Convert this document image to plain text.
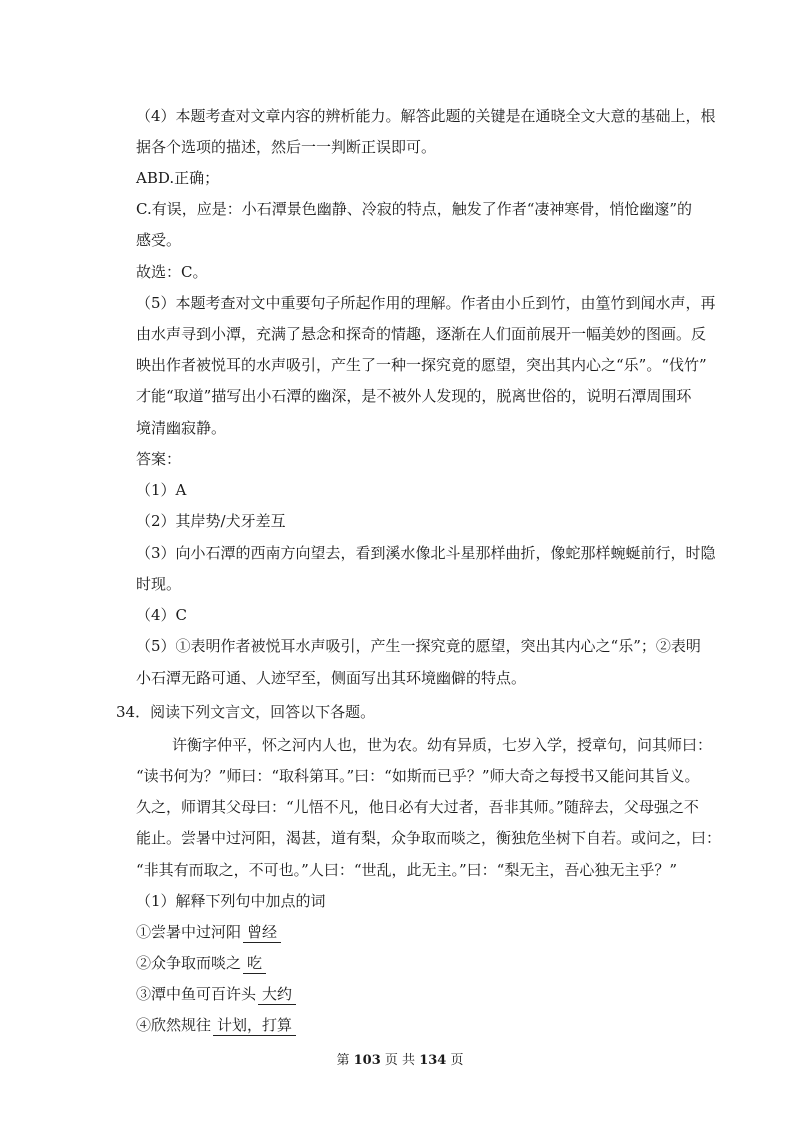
（4）本题考查对文章内容的辨析能力。解答此题的关键是在通晓全文大意的基础上，根
据各个选项的描述，然后一一判断正误即可。
ABD.正确；
C.有误，应是：小石潭景色幽静、冷寂的特点，触发了作者“凄神寒骨，悄怆幽邃”的
感受。
故选：C。
（5）本题考查对文中重要句子所起作用的理解。作者由小丘到竹，由篁竹到闻水声，再
由水声寻到小潭，充满了悬念和探奇的情趣，逐渐在人们面前展开一幅美妙的图画。反
映出作者被悦耳的水声吸引，产生了一种一探究竟的愿望，突出其内心之“乐”。“伐竹”
才能“取道”描写出小石潭的幽深，是不被外人发现的，脱离世俗的，说明石潭周围环
境清幽寂静。
答案：
（1）A
（2）其岸势/犬牙差互
（3）向小石潭的西南方向望去，看到溪水像北斗星那样曲折，像蛇那样蜿蜒前行，时隐
时现。
（4）C
（5）①表明作者被悦耳水声吸引，产生一探究竟的愿望，突出其内心之“乐”；②表明
小石潭无路可通、人迹罕至，侧面写出其环境幽僻的特点。
34．阅读下列文言文，回答以下各题。
许衡字仲平，怀之河内人也，世为农。幼有异质，七岁入学，授章句，问其师曰：
“读书何为？”师曰：“取科第耳。”曰：“如斯而已乎？”师大奇之每授书又能问其旨义。
久之，师谓其父母曰：“儿悟不凡，他日必有大过者，吾非其师。”随辞去，父母强之不
能止。尝暑中过河阳，渴甚，道有梨，众争取而啖之，衡独危坐树下自若。或问之，曰：
“非其有而取之，不可也。”人曰：“世乱，此无主。”曰：“梨无主，吾心独无主乎？”
（1）解释下列句中加点的词
①尝暑中过河阳 曾经
②众争取而啖之 吃
③潭中鱼可百许头 大约
④欣然规往 计划，打算
第 103 页 共 134 页
